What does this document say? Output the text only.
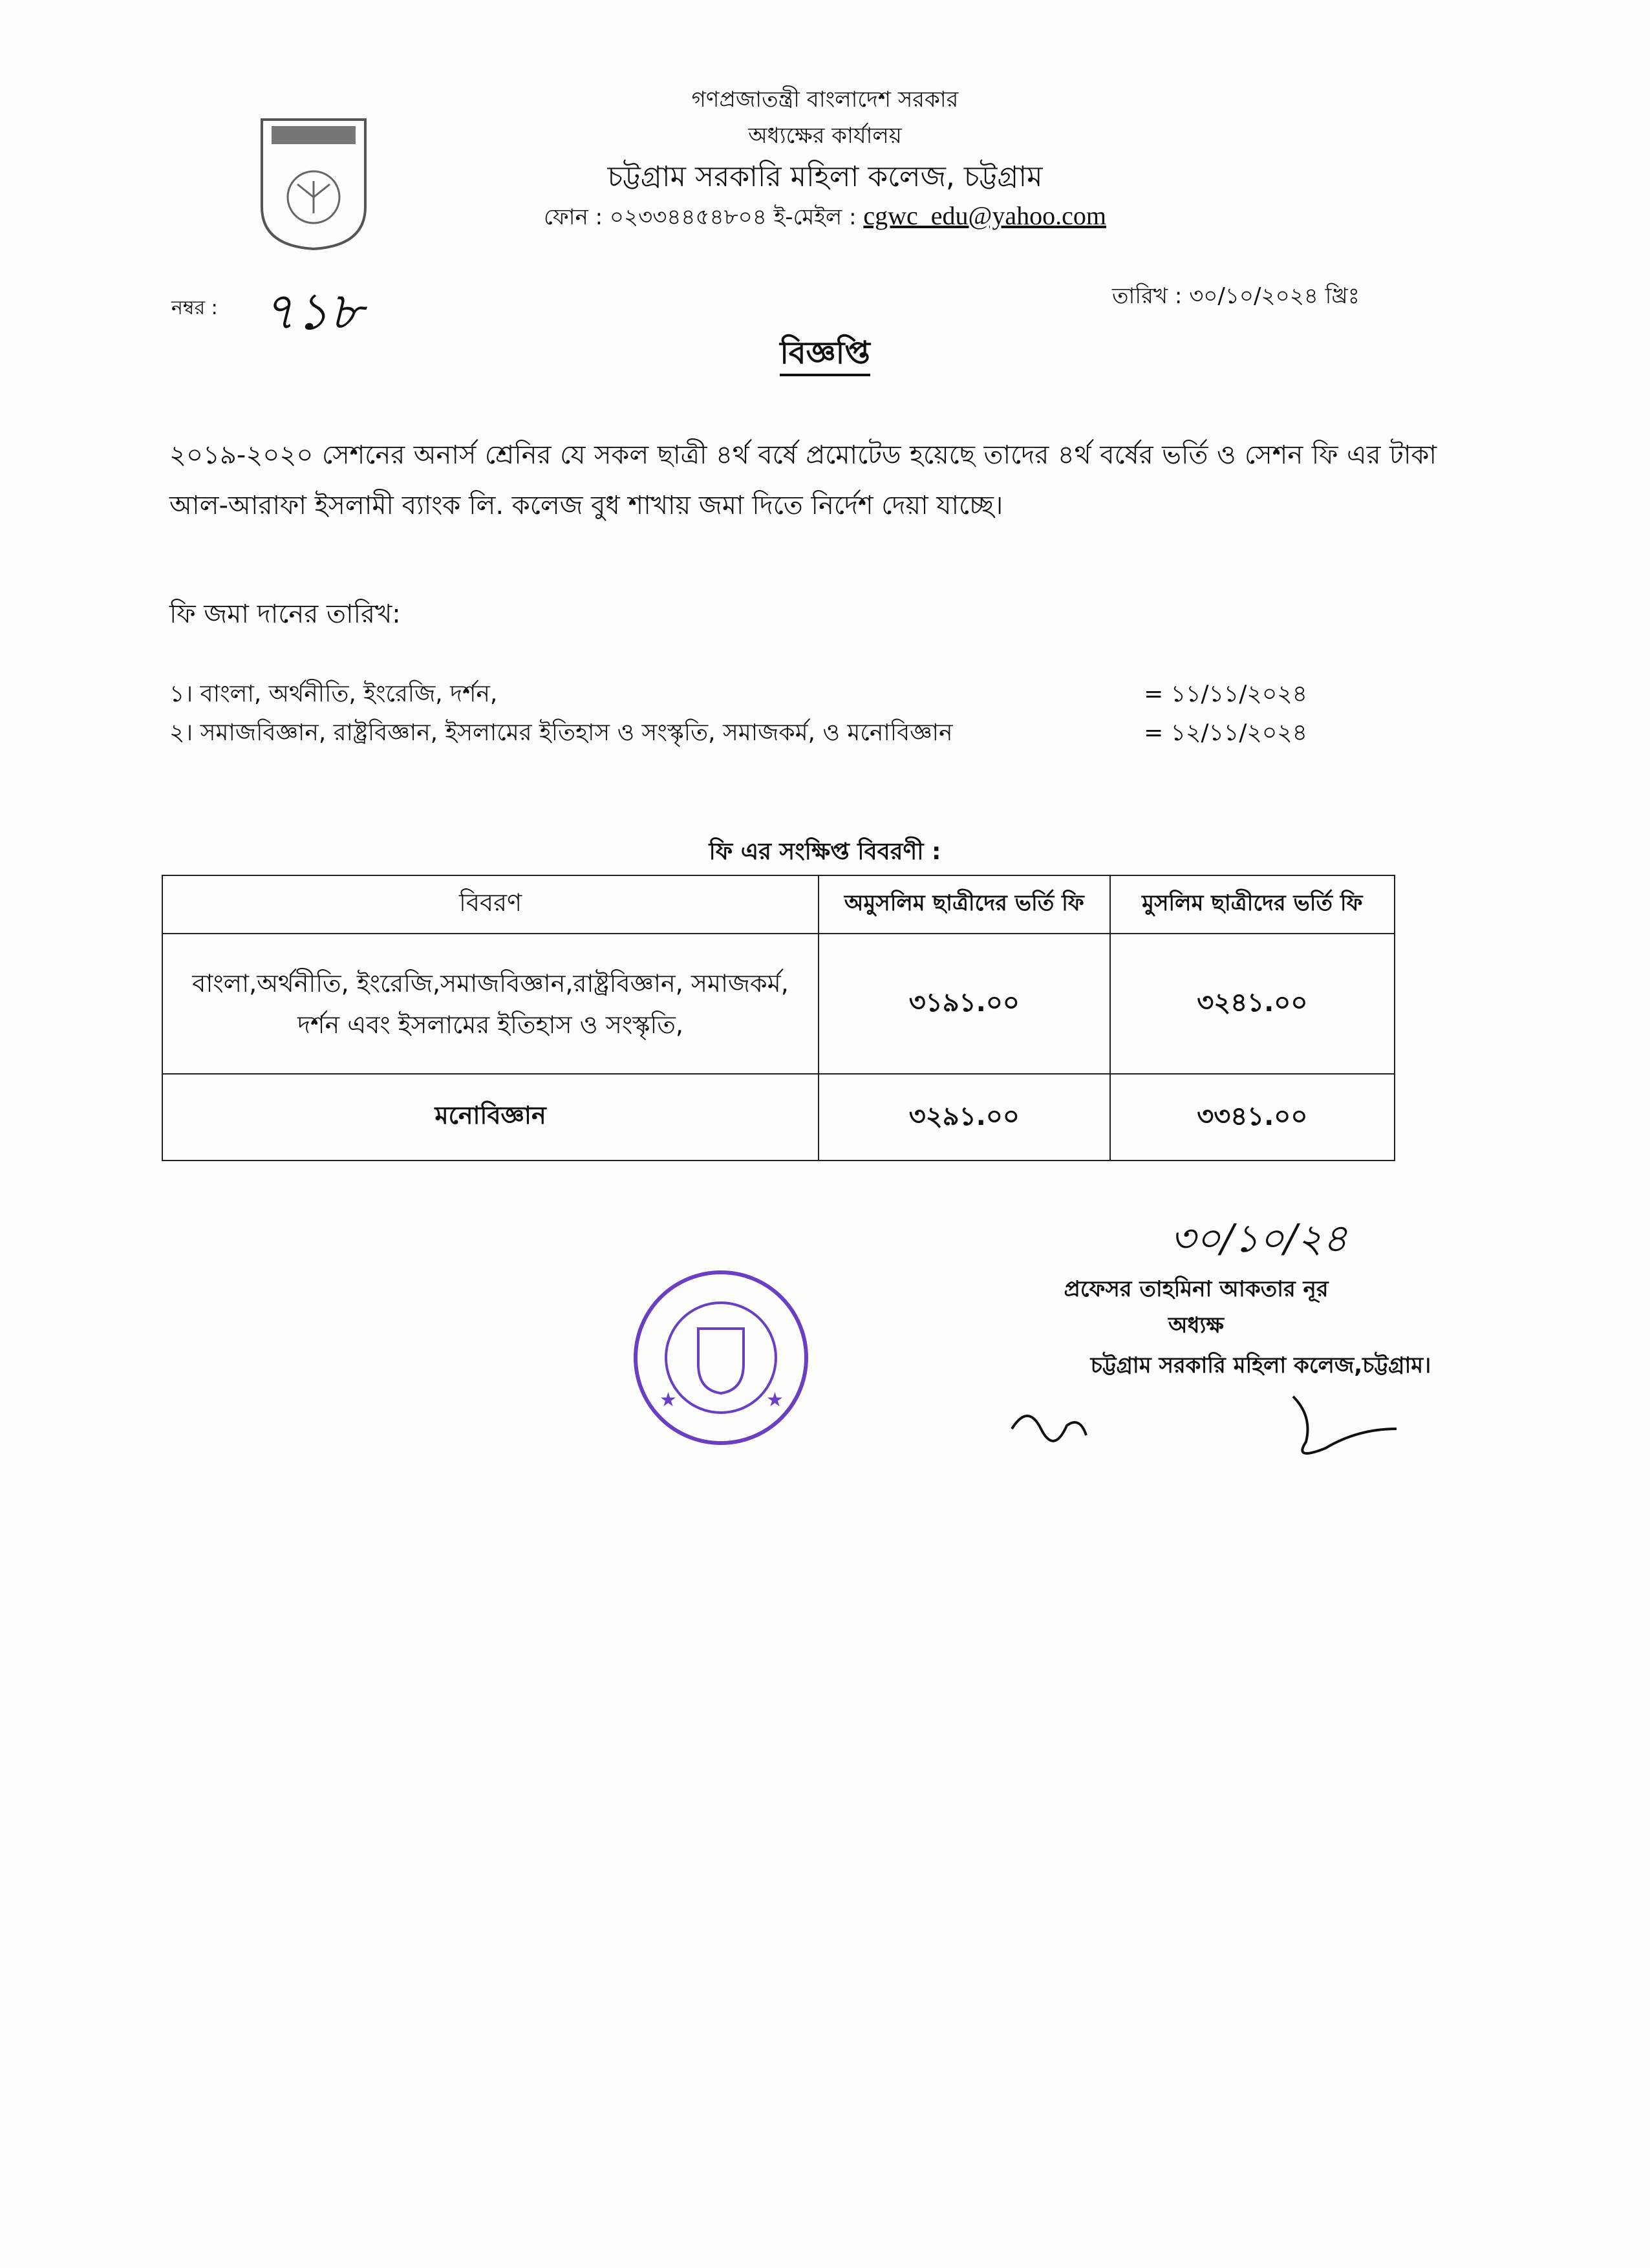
গণপ্রজাতন্ত্রী বাংলাদেশ সরকার
অধ্যক্ষের কার্যালয়
চট্টগ্রাম সরকারি মহিলা কলেজ, চট্টগ্রাম
ফোন : ০২৩৩৪৪৫৪৮০৪ ই-মেইল : cgwc_edu@yahoo.com
নম্বর : ৭১৮	তারিখ : ৩০/১০/২০২৪ খ্রিঃ
বিজ্ঞপ্তি
২০১৯-২০২০ সেশনের অনার্স শ্রেনির যে সকল ছাত্রী ৪র্থ বর্ষে প্রমোটেড হয়েছে তাদের ৪র্থ বর্ষের ভর্তি ও সেশন ফি এর টাকা আল-আরাফা ইসলামী ব্যাংক লি. কলেজ বুধ শাখায় জমা দিতে নির্দেশ দেয়া যাচ্ছে।
ফি জমা দানের তারিখ:
১। বাংলা, অর্থনীতি, ইংরেজি, দর্শন,	= ১১/১১/২০২৪
২। সমাজবিজ্ঞান, রাষ্ট্রবিজ্ঞান, ইসলামের ইতিহাস ও সংস্কৃতি, সমাজকর্ম, ও মনোবিজ্ঞান	= ১২/১১/২০২৪
ফি এর সংক্ষিপ্ত বিবরণী :
বিবরণ	অমুসলিম ছাত্রীদের ভর্তি ফি	মুসলিম ছাত্রীদের ভর্তি ফি
বাংলা,অর্থনীতি, ইংরেজি,সমাজবিজ্ঞান,রাষ্ট্রবিজ্ঞান, সমাজকর্ম, দর্শন এবং ইসলামের ইতিহাস ও সংস্কৃতি,	৩১৯১.০০	৩২৪১.০০
মনোবিজ্ঞান	৩২৯১.০০	৩৩৪১.০০
৩০/১০/২৪
প্রফেসর তাহমিনা আকতার নূর
অধ্যক্ষ
চট্টগ্রাম সরকারি মহিলা কলেজ,চট্টগ্রাম।
★	★
